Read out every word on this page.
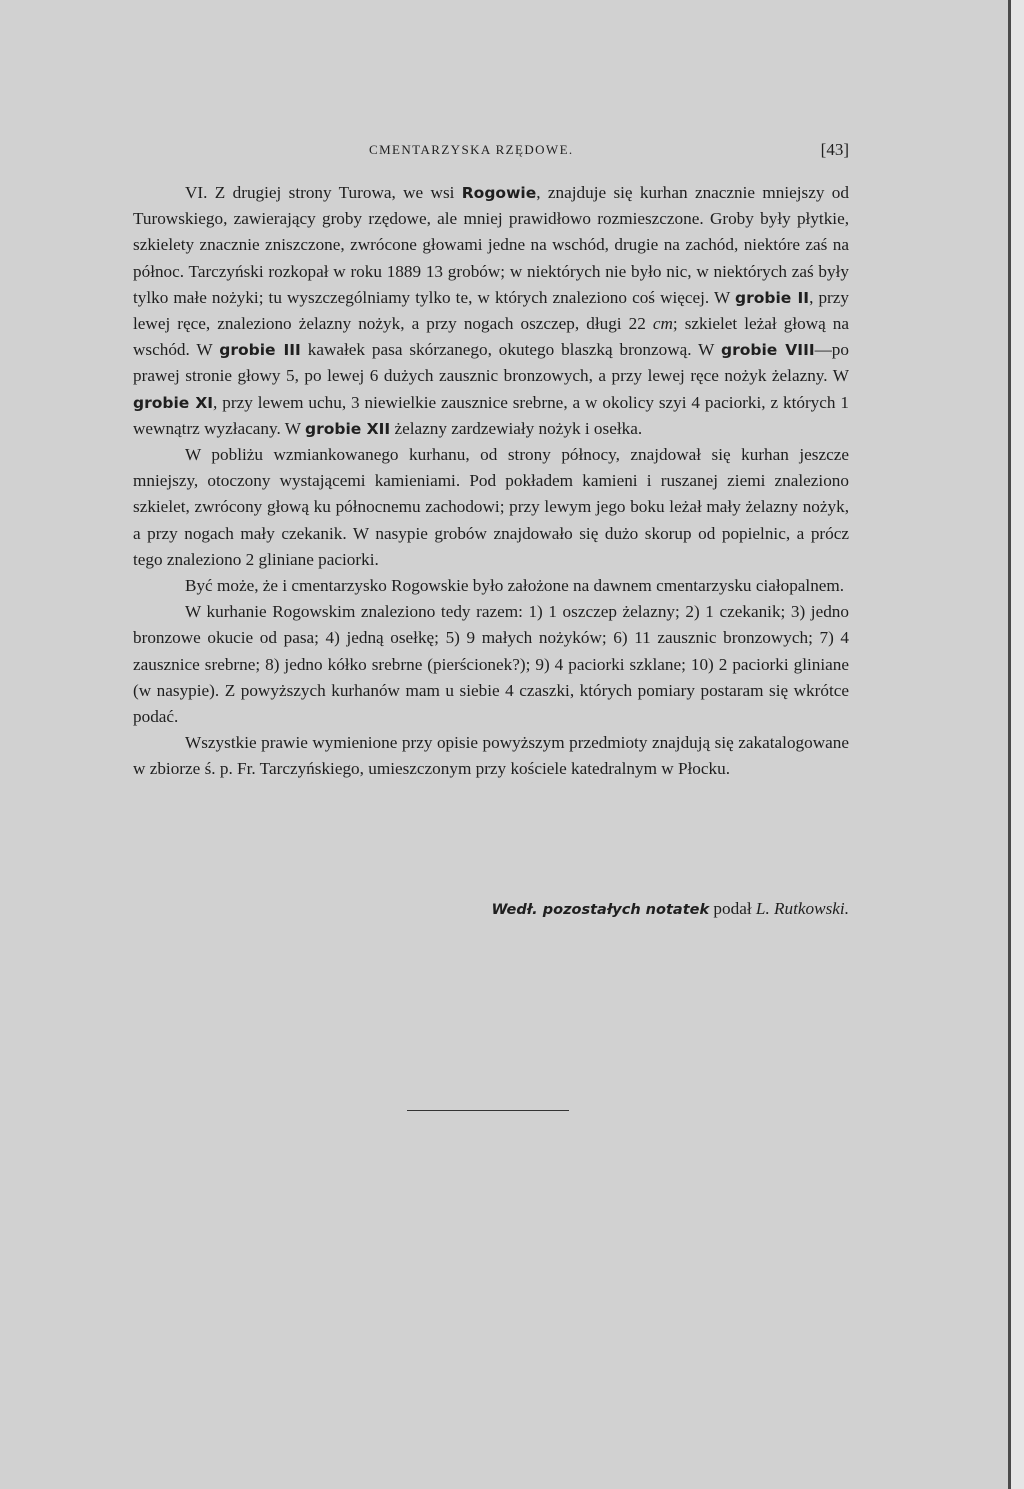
CMENTARZYSKA RZĘDOWE.	[43]

VI. Z drugiej strony Turowa, we wsi Rogowie, znajduje się kurhan znacznie mniejszy od Turowskiego, zawierający groby rzędowe, ale mniej prawidłowo rozmieszczone. Groby były płytkie, szkielety znacznie zniszczone, zwrócone głowami jedne na wschód, drugie na zachód, niektóre zaś na północ. Tarczyński rozkopał w roku 1889 13 grobów; w niektórych nie było nic, w niektórych zaś były tylko małe nożyki; tu wyszczególniamy tylko te, w których znaleziono coś więcej. W grobie II, przy lewej ręce, znaleziono żelazny nożyk, a przy nogach oszczep, długi 22 cm; szkielet leżał głową na wschód. W grobie III kawałek pasa skórzanego, okutego blaszką bronzową. W grobie VIII—po prawej stronie głowy 5, po lewej 6 dużych zausznic bronzowych, a przy lewej ręce nożyk żelazny. W grobie XI, przy lewem uchu, 3 niewielkie zausznice srebrne, a w okolicy szyi 4 paciorki, z których 1 wewnątrz wyzłacany. W grobie XII żelazny zardzewiały nożyk i osełka.

W pobliżu wzmiankowanego kurhanu, od strony północy, znajdował się kurhan jeszcze mniejszy, otoczony wystającemi kamieniami. Pod pokładem kamieni i ruszanej ziemi znaleziono szkielet, zwrócony głową ku północnemu zachodowi; przy lewym jego boku leżał mały żelazny nożyk, a przy nogach mały czekanik. W nasypie grobów znajdowało się dużo skorup od popielnic, a prócz tego znaleziono 2 gliniane paciorki.

Być może, że i cmentarzysko Rogowskie było założone na dawnem cmentarzysku ciałopalnem.

W kurhanie Rogowskim znaleziono tedy razem: 1) 1 oszczep żelazny; 2) 1 czekanik; 3) jedno bronzowe okucie od pasa; 4) jedną osełkę; 5) 9 małych nożyków; 6) 11 zausznic bronzowych; 7) 4 zausznice srebrne; 8) jedno kółko srebrne (pierścionek?); 9) 4 paciorki szklane; 10) 2 paciorki gliniane (w nasypie). Z powyższych kurhanów mam u siebie 4 czaszki, których pomiary postaram się wkrótce podać.

Wszystkie prawie wymienione przy opisie powyższym przedmioty znajdują się zakatalogowane w zbiorze ś. p. Fr. Tarczyńskiego, umieszczonym przy kościele katedralnym w Płocku.

Wedł. pozostałych notatek podał L. Rutkowski.
